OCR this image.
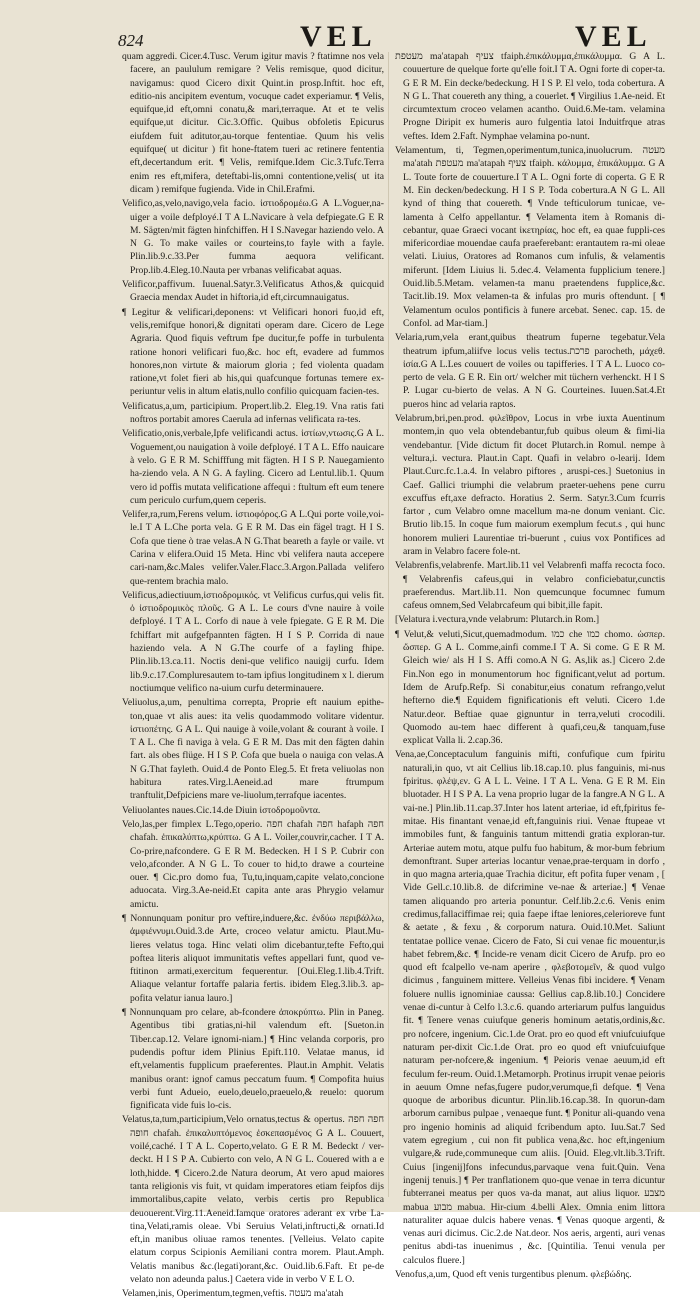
824	VEL	VEL

quam aggredi. Cicer.4.Tusc. Verum igitur mavis ? ftatimne nos vela facere, an paululum remigare ? Velis remisque, quod dicitur, navigamus: quod Cicero dixit Quint.in prosp.Inftit. hoc eft, editio-nis ancipitem eventum, vocuque cadet experiamur. ¶ Velis, equifque,id eft,omni conatu,& mari,terraque. At et te velis equifque,ut dicitur. Cic.3.Offic. Quibus obfoletis Epicurus eiufdem fuit aditutor,au-torque fententiae. Quum his velis equifque( ut dicitur ) fit hone-ftatem tueri ac retinere fententia eft,decertandum erit. ¶ Velis, remifque.Idem Cic.3.Tufc.Terra enim res eft,mifera, deteftabi-lis,omni contentione,velis( ut ita dicam ) remifque fugienda. Vide in Chil.Erafmi.

Velifico,as,velo,navigo,vela facio. ἱστιοδρομέω.G A L.Voguer,na-uiger a voile defployé.I T A L.Navicare à vela defpiegate.G E R M. Sägten/mit fägten hinfchiffen. H I S.Navegar haziendo velo. A N G. To make vailes or courteins,to fayle with a fayle. Plin.lib.9.c.33.Per fumma aequora velificant. Prop.lib.4.Eleg.10.Nauta per vrbanas velificabat aquas.

Velificor,paffivum. Iuuenal.Satyr.3.Velificatus Athos,& quicquid Graecia mendax Audet in hiftoria,id eft,circumnauigatus.

¶ Legitur & velificari,deponens: vt Velificari honori fuo,id eft, velis,remifque honori,& dignitati operam dare. Cicero de Lege Agraria. Quod fiquis veftrum fpe ducitur,fe poffe in turbulenta ratione honori velificari fuo,&c. hoc eft, evadere ad fummos honores,non virtute & maiorum gloria ; fed violenta quadam ratione,vt folet fieri ab his,qui quafcunque fortunas temere ex-periuntur velis in altum elatis,nullo confilio quicquam facien-tes.

Velificatus,a,um, participium. Propert.lib.2. Eleg.19. Vna ratis fati noftros portabit amores Caerula ad infernas velificata ra-tes.

Velificatio,onis,verbale,Ipfe velificandi actus. ἱστίων,ντωσις.G A L. Voguement,ou nauigation à voile defployé. I T A L. Effo nauicare à velo. G E R M. Schifffung mit fägten. H I S P. Nauegamiento ha-ziendo vela. A N G. A fayling. Cicero ad Lentul.lib.1. Quum vero id poffis mutata velificatione affequi : ftultum eft eum tenere cum periculo curfum,quem ceperis.

Velifer,ra,rum,Ferens velum. ἱστιοφόρος.G A L.Qui porte voile,voi-le.I T A L.Che porta vela. G E R M. Das ein fägel tragt. H I S. Cofa que tiene ò trae velas.A N G.That beareth a fayle or vaile. vt Carina v elifera.Ouid 15 Meta. Hinc vbi velifera nauta accepere cari-nam,&c.Males velifer.Valer.Flacc.3.Argon.Pallada velifero que-rentem brachia malo.

Velificus,adiectiuum,ἱστιοδρομικός. vt Velificus curfus,qui velis fit. ὁ ἱστιοδρομικὸς πλοῦς. G A L. Le cours d'vne nauire à voile defployé. I T A L. Corfo di naue à vele fpiegate. G E R M. Die fchiffart mit aufgefpannten fägten. H I S P. Corrida di naue haziendo vela. A N G.The courfe of a fayling fhipe. Plin.lib.13.ca.11. Noctis deni-que velifico nauigij curfu. Idem lib.9.c.17.Compluresautem to-tam ipfius longitudinem x l. dierum noctiumque velifico na-uium curfu determinauere.

Veliuolus,a,um, penultima correpta, Proprie eft nauium epithe-ton,quae vt alis aues: ita velis quodammodo volitare videntur. ἱστιοπέτης. G A L. Qui nauige à voile,volant & courant à voile. I T A L. Che fi naviga à vela. G E R M. Das mit den fägten dahin fart. als obes flüge. H I S P. Cofa que buela o nauiga con velas.A N G.That fayleth. Ouid.4 de Ponto Eleg.5. Et freta veliuolas non habitura rates.Virg.l.Aeneid.ad mare ftrumpum tranftulit,Defpiciens mare ve-liuolum,terrafque iacentes.

Veliuolantes naues.Cic.14.de Diuin ἱστοδρομοῦντα.

Velo,las,per fimplex L.Tego,operio. חפה chafah חפה hafaph חפה chafah. ἐπικαλύπτω,κρύπτω. G A L. Voiler,couvrir,cacher. I T A. Co-prire,nafcondere. G E R M. Bedecken. H I S P. Cubrir con velo,afconder. A N G L. To couer to hid,to drawe a courteine ouer. ¶ Cic.pro domo fua, Tu,tu,inquam,capite velato,concione aduocata. Virg.3.Ae-neid.Et capita ante aras Phrygio velamur amictu.

¶ Nonnunquam ponitur pro veftire,induere,&c. ἐνδύω περιβάλλω, ἀμφιέννυμι.Ouid.3.de Arte, croceo velatur amictu. Plaut.Mu-lieres velatus toga. Hinc velati olim dicebantur,tefte Fefto,qui poftea literis aliquot immunitatis veftes appellari funt, quod ve-ftitinon armati,exercitum fequerentur. [Oui.Eleg.1.lib.4.Trift. Aliaque velantur fortaffe palaria fertis. ibidem Eleg.3.lib.3. ap-pofita velatur ianua lauro.]

¶ Nonnunquam pro celare, ab-fcondere ἀποκρύπτω. Plin in Paneg. Agentibus tibi gratias,ni-hil valendum eft. [Sueton.in Tiber.cap.12. Velare ignomi-niam.] ¶ Hinc velanda corporis, pro pudendis poftur idem Plinius Epift.110. Velatae manus, id eft,velamentis fupplicum praeferentes. Plaut.in Amphit. Velatis manibus orant: ignof camus peccatum fuum. ¶ Compofita huius verbi funt Adueio, euelo,deuelo,praeuelo,& reuelo: quorum fignificata vide fuis lo-cis.

Velatus,ta,tum,participium,Velo ornatus,tectus & opertus. חפה חפה חופה chafah. ἐπικαλυπτόμενος ἐσκεπασμένος G A L. Couuert, voilé,caché. I T A L. Coperto,velato. G E R M. Bedeckt / ver-deckt. H I S P A. Cubierto con velo, A N G L. Couered with a e loth,hidde. ¶ Cicero.2.de Natura deorum, At vero apud maiores tanta religionis vis fuit, vt quidam imperatores etiam feipfos dijs immortalibus,capite velato, verbis certis pro Republica deuouerent.Virg.11.Aeneid.Iamque oratores aderant ex vrbe La-tina,Velati,ramis oleae. Vbi Seruius Velati,inftructi,& ornati.Id eft,in manibus oliuae ramos tenentes. [Velleius. Velato capite elatum corpus Scipionis Aemiliani contra morem. Plaut.Amph. Velatis manibus &c.(legati)orant,&c. Ouid.lib.6.Faft. Et pe-de velato non adeunda palus.] Caetera vide in verbo V E L O.

Velamen,inis, Operimentum,tegmen,veftis. מעטה ma'atah

מעטפת ma'atapah צעיף tfaiph.ἐπικάλυμμα,ἐπικάλυμμα. G A L. couuerture de quelque forte qu'elle foit.I T A. Ogni forte di coper-ta. G E R M. Ein decke/bedeckung. H I S P. El velo, toda cobertura. A N G L. That couereth any thing, a couerlet. ¶ Virgilius 1.Ae-neid. Et circumtextum croceo velamen acantho. Ouid.6.Me-tam. velamina Progne Diripit ex humeris auro fulgentia latoi Induitfrque atras veftes. Idem 2.Faft. Nymphae velamina po-nunt.

Velamentum, ti, Tegmen,operimentum,tunica,inuolucrum. מעטה ma'atah מעטפת ma'atapah צעיף tfaiph. κάλυμμα, ἐπικάλυμμα. G A L. Toute forte de couuerture.I T A L. Ogni forte di coperta. G E R M. Ein decken/bedeckung. H I S P. Toda cobertura.A N G L. All kynd of thing that couereth. ¶ Vnde tefticulorum tunicae, ve-lamenta à Celfo appellantur. ¶ Velamenta item à Romanis di-cebantur, quae Graeci vocant ἱκετηρίας, hoc eft, ea quae fuppli-ces mifericordiae mouendae caufa praeferebant: erantautem ra-mi oleae velati. Liuius, Oratores ad Romanos cum infulis, & velamentis miferunt. [Idem Liuius li. 5.dec.4. Velamenta fupplicium tenere.] Ouid.lib.5.Metam. velamen-ta manu praetendens fupplice,&c. Tacit.lib.19. Mox velamen-ta & infulas pro muris oftendunt. [ ¶ Velamentum oculos pontificis à funere arcebat. Senec. cap. 15. de Confol. ad Mar-tiam.]

Velaria,rum,vela erant,quibus theatrum fuperne tegebatur.Vela theatrum ipfum,aliifve locus velis tectus.פרכת parocheth, μάχεθ. ἰσία.G A L.Les couuert de voiles ou tapifferies. I T A L. Luoco co-perto de vela. G E R. Ein ort/ welcher mit tüchern verhenckt. H I S P. Lugar cu-bierto de velas. A N G. Courteines. Iuuen.Sat.4.Et pueros hinc ad velaria raptos.

Velabrum,bri,pen.prod. φιλεῖθρον, Locus in vrbe iuxta Auentinum montem,in quo vela obtendebantur,fub quibus oleum & fimi-lia vendebantur. [Vide dictum fit docet Plutarch.in Romul. nempe à veltura,i. vectura. Plaut.in Capt. Quafi in velabro o-learij. Idem Plaut.Curc.fc.1.a.4. In velabro piftores , aruspi-ces.] Suetonius in Caef. Gallici triumphi die velabrum praeter-uehens pene curru excuffus eft,axe defracto. Horatius 2. Serm. Satyr.3.Cum fcurris fartor , cum Velabro omne macellum ma-ne donum veniant. Cic. Brutio lib.15. In coque fum maiorum exemplum fecut.s , qui hunc honorem mulieri Laurentiae tri-buerunt , cuius vox Pontifices ad aram in Velabro facere fole-nt.

Velabrenfis,velabrenfe. Mart.lib.11 vel Velabrenfi maffa recocta foco. ¶ Velabrenfis cafeus,qui in velabro conficiebatur,cunctis praeferendus. Mart.lib.11. Non quemcunque focumnec fumum cafeus omnem,Sed Velabrcafeum qui bibit,ille fapit.

[Velatura i.vectura,vnde velabrum: Plutarch.in Rom.]

¶ Velut,& veluti,Sicut,quemadmodum. כמו che כמו chomo. ὡσπερ. ὥσπερ. G A L. Comme,ainfi comme.I T A. Si come. G E R M. Gleich wie/ als H I S. Affi como.A N G. As,lik as.] Cicero 2.de Fin.Non ego in monumentorum hoc fignificant,velut ad portum. Idem de Arufp.Refp. Si conabitur,eius conatum refrango,velut hefterno die.¶ Equidem fignificationis eft veluti. Cicero 1.de Natur.deor. Beftiae quae gignuntur in terra,veluti crocodili. Quomodo au-tem haec different à quafi,ceu,& tanquam,fuse explicat Valla li. 2.cap.36.

Vena,ae,Conceptaculum fanguinis mifti, confufique cum fpiritu naturali,in quo, vt ait Cellius lib.18.cap.10. plus fanguinis, mi-nus fpiritus. φλέψ,εν. G A L L. Veine. I T A L. Vena. G E R M. Ein bluotader. H I S P A. La vena proprio lugar de la fangre.A N G L. A vai-ne.] Plin.lib.11.cap.37.Inter hos latent arteriae, id eft,fpiritus fe-mitae. His finantant venae,id eft,fanguinis riui. Venae ftupeae vt immobiles funt, & fanguinis tantum mittendi gratia exploran-tur. Arteriae autem motu, atque pulfu fuo habitum, & mor-bum febrium demonftrant. Super arterias locantur venae,prae-terquam in dorfo , in quo magna arteria,quae Trachia dicitur, eft pofita fuper venam , [ Vide Gell.c.10.lib.8. de difcrimine ve-nae & arteriae.] ¶ Venae tamen aliquando pro arteria ponuntur. Celf.lib.2.c.6. Venis enim credimus,fallaciffimae rei; quia faepe iftae leniores,celerioreve funt & aetate , & fexu , & corporum natura. Ouid.10.Met. Saliunt tentatae pollice venae. Cicero de Fato, Si cui venae fic mouentur,is habet febrem,&c. ¶ Incide-re venam dicit Cicero de Arufp. pro eo quod eft fcalpello ve-nam aperire , φλεβοτομεῖν, & quod vulgo dicimus , fanguinem mittere. Velleius Venas fibi incidere. ¶ Venam foluere nullis ignominiae caussa: Gellius cap.8.lib.10.] Concidere venae di-cuntur à Celfo l.3.c.6. quando arteriarum pulfus languidus fit. ¶ Tenere venas cuiufque generis hominum aetatis,ordinis,&c. pro nofcere, ingenium. Cic.1.de Orat. pro eo quod eft vniufcuiufque naturam per-dixit Cic.1.de Orat. pro eo quod eft vniufcuiufque naturam per-nofcere,& ingenium. ¶ Peioris venae aeuum,id eft feculum fer-reum. Ouid.1.Metamorph. Protinus irrupit venae peioris in aeuum Omne nefas,fugere pudor,verumque,fi defque. ¶ Vena quoque de arboribus dicuntur. Plin.lib.16.cap.38. In quorun-dam arborum carnibus pulpae , venaeque funt. ¶ Ponitur ali-quando vena pro ingenio hominis ad aliquid fcribendum apto. Iuu.Sat.7 Sed vatem egregium , cui non fit publica vena,&c. hoc eft,ingenium vulgare,& rude,communeque cum aliis. [Ouid. Eleg.vlt.lib.3.Trift. Cuius [ingenij]fons infecundus,parvaque vena fuit.Quin. Vena ingenij tenuis.] ¶ Per tranflationem quo-que venae in terra dicuntur fubterranei meatus per quos va-da manat, aut alius liquor. מצבע mabua מבוע mabua. Hir-cium 4.belli Alex. Omnia enim littora naturaliter aquae dulcis habere venas. ¶ Venas quoque argenti, & venas auri dicimus. Cic.2.de Nat.deor. Nos aeris, argenti, auri venas penitus abdi-tas inuenimus , &c. [Quintilia. Tenui venula per calculos fluere.]

Venofus,a,um, Quod eft venis turgentibus plenum. φλεβώδης.
